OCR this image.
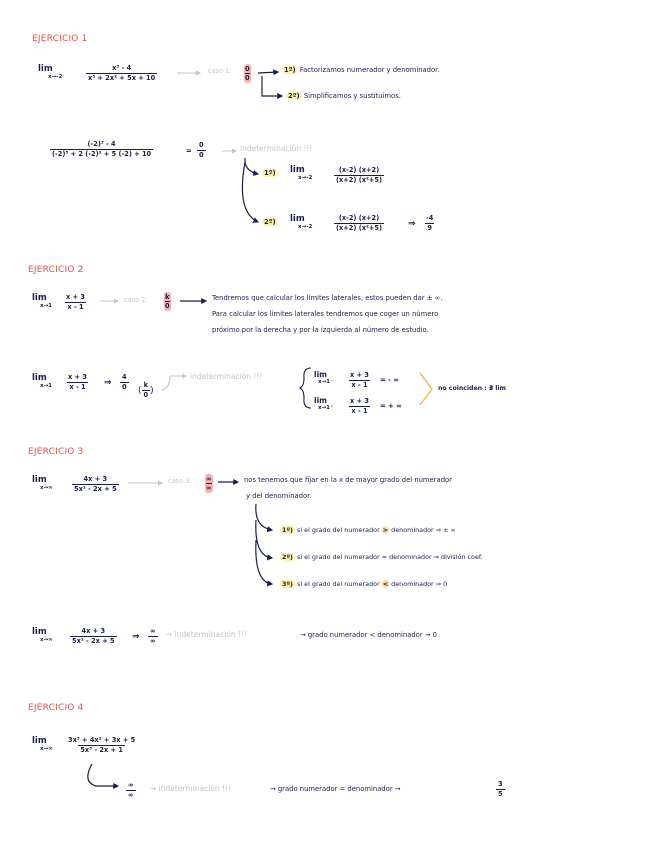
EJERCICIO 1
lim
x→-2	$\frac{\text{x³ - 4}}{\text{x³ + 2x² + 5x + 10}}$	caso 1: $\frac{0}{0}$	1º) Factorizamos numerador y denominador.
2º) Simplificamos y sustituimos.
$\frac{\text{(-2)³ - 4}}{\text{(-2)³ + 2 (-2)² + 5 (-2) + 10}}$	= $\frac{0}{0}$	indeterminación !!!
1º) lim
x→-2	$\frac{(x-2) (x+2)}{\text{(x+2) (x²+5)}}$
2º) lim
x→-2	$\frac{(x-2) (x+2)}{\text{(x+2) (x²+5)}}$	⇒ $\frac{-4}{9}$
EJERCICIO 2
lim
$x\to 1 \frac{x + 3}{x - 1}$	caso 2: $\frac{k}{0}$	Tendremos que calcular los límites laterales, estos pueden dar ± ∞.
Para calcular los límites laterales tendremos que coger un número
próximo por la derecha y por la izquierda al número de estudio.
lim
$x\to 1 \frac{x + 3}{x - 1}$ ⇒ $\frac{4}{0}$ ( $\frac{k}{0}$ )
indeterminación !!!	lim
$x\to 1^- \frac{x + 3}{x - 1}$ = - ∞
lim
$x\to 1^+ \frac{x + 3}{x - 1}$ = + ∞
no coinciden : ∄ lim
EJERCICIO 3
lim
x→∞	$\frac{4x + 3}{\text{5x² - 2x + 5}}$	caso 3: ∞
∞
nos tenemos que fijar en la x de mayor grado del numerador
y del denominador.
1º) si el grado del numerador > denominador ⇒ ± ∞
2º) si el grado del numerador = denominador ⇒ división coef.
3º) si el grado del numerador < denominador ⇒ 0
lim
x→∞	$\frac{4x + 3}{\text{5x² - 2x + 5}}$ ⇒
∞
∞
→ indeterminación !!!	→ grado numerador < denominador → 0
EJERCICIO 4
lim
$x\to\infty \frac{\text{3x³ + 4x² + 3x + 5}}{\text{5x³ - 2x + 1}}$
∞
∞
→ indeterminación !!!	→ grado numerador = denominador →	$\frac{3}{5}$
